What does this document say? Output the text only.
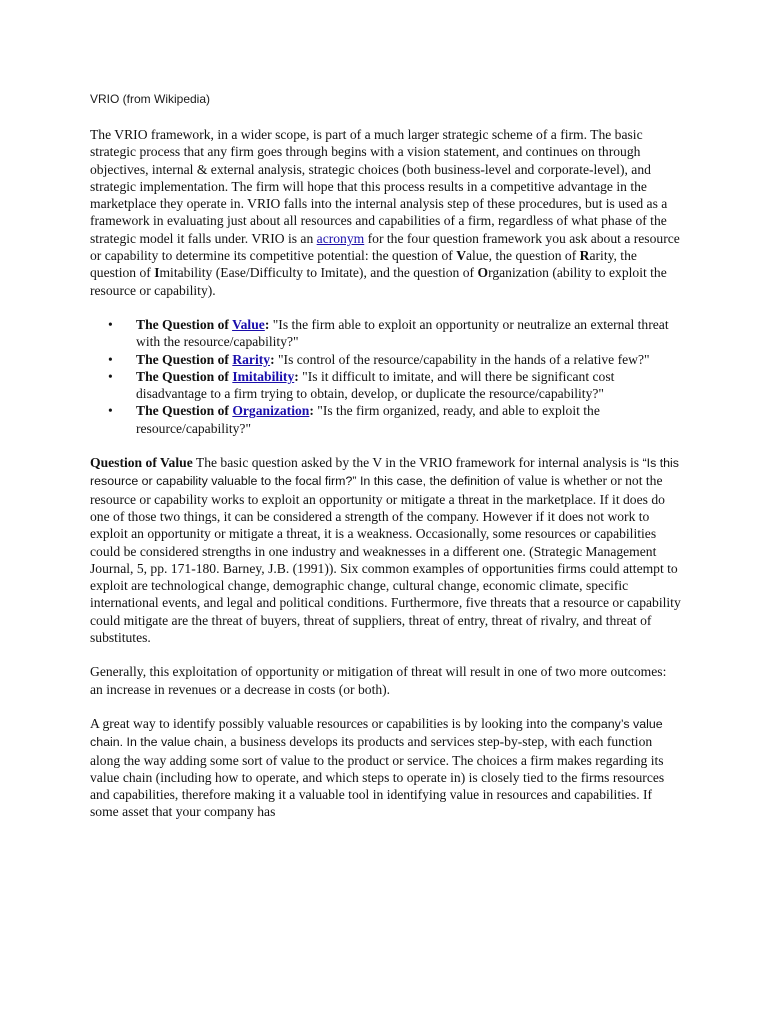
VRIO (from Wikipedia)

The VRIO framework, in a wider scope, is part of a much larger strategic scheme of a firm. The basic strategic process that any firm goes through begins with a vision statement, and continues on through objectives, internal & external analysis, strategic choices (both business-level and corporate-level), and strategic implementation. The firm will hope that this process results in a competitive advantage in the marketplace they operate in. VRIO falls into the internal analysis step of these procedures, but is used as a framework in evaluating just about all resources and capabilities of a firm, regardless of what phase of the strategic model it falls under. VRIO is an acronym for the four question framework you ask about a resource or capability to determine its competitive potential: the question of Value, the question of Rarity, the question of Imitability (Ease/Difficulty to Imitate), and the question of Organization (ability to exploit the resource or capability).

• The Question of Value: "Is the firm able to exploit an opportunity or neutralize an external threat with the resource/capability?"
• The Question of Rarity: "Is control of the resource/capability in the hands of a relative few?"
• The Question of Imitability: "Is it difficult to imitate, and will there be significant cost disadvantage to a firm trying to obtain, develop, or duplicate the resource/capability?"
• The Question of Organization: "Is the firm organized, ready, and able to exploit the resource/capability?"

Question of Value The basic question asked by the V in the VRIO framework for internal analysis is “Is this resource or capability valuable to the focal firm?” In this case, the definition of value is whether or not the resource or capability works to exploit an opportunity or mitigate a threat in the marketplace. If it does do one of those two things, it can be considered a strength of the company. However if it does not work to exploit an opportunity or mitigate a threat, it is a weakness. Occasionally, some resources or capabilities could be considered strengths in one industry and weaknesses in a different one. (Strategic Management Journal, 5, pp. 171-180. Barney, J.B. (1991)). Six common examples of opportunities firms could attempt to exploit are technological change, demographic change, cultural change, economic climate, specific international events, and legal and political conditions. Furthermore, five threats that a resource or capability could mitigate are the threat of buyers, threat of suppliers, threat of entry, threat of rivalry, and threat of substitutes.

Generally, this exploitation of opportunity or mitigation of threat will result in one of two more outcomes: an increase in revenues or a decrease in costs (or both).

A great way to identify possibly valuable resources or capabilities is by looking into the company’s value chain. In the value chain, a business develops its products and services step-by-step, with each function along the way adding some sort of value to the product or service. The choices a firm makes regarding its value chain (including how to operate, and which steps to operate in) is closely tied to the firms resources and capabilities, therefore making it a valuable tool in identifying value in resources and capabilities. If some asset that your company has
